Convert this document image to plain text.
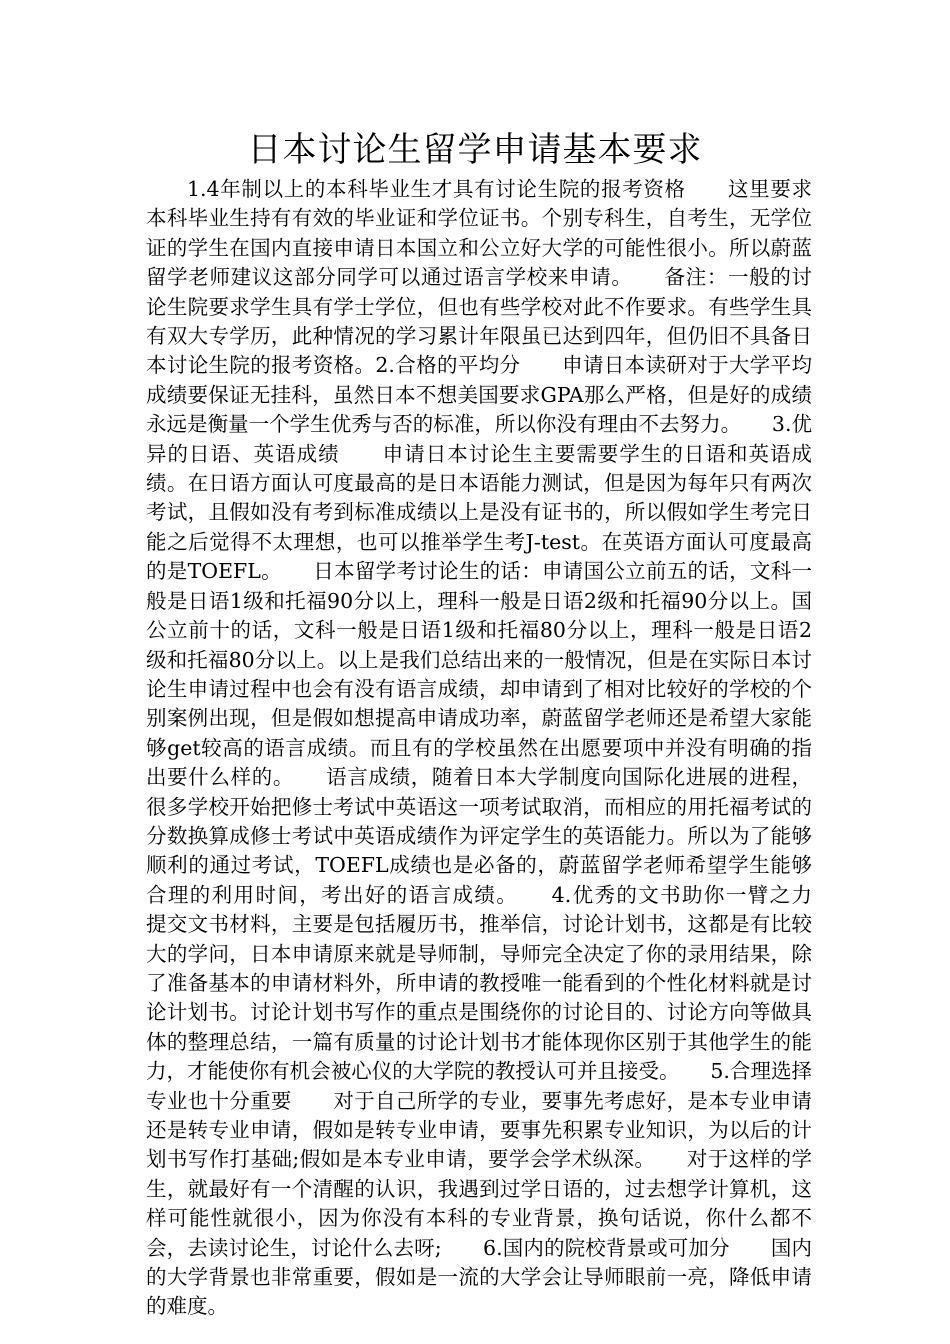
日本讨论生留学申请基本要求

1.4年制以上的本科毕业生才具有讨论生院的报考资格　　这里要求本科毕业生持有有效的毕业证和学位证书。个别专科生，自考生，无学位证的学生在国内直接申请日本国立和公立好大学的可能性很小。所以蔚蓝留学老师建议这部分同学可以通过语言学校来申请。　　备注：一般的讨论生院要求学生具有学士学位，但也有些学校对此不作要求。有些学生具有双大专学历，此种情况的学习累计年限虽已达到四年，但仍旧不具备日本讨论生院的报考资格。2.合格的平均分　　申请日本读研对于大学平均成绩要保证无挂科，虽然日本不想美国要求GPA那么严格，但是好的成绩永远是衡量一个学生优秀与否的标准，所以你没有理由不去努力。　　3.优异的日语、英语成绩　　申请日本讨论生主要需要学生的日语和英语成绩。在日语方面认可度最高的是日本语能力测试，但是因为每年只有两次考试，且假如没有考到标准成绩以上是没有证书的，所以假如学生考完日能之后觉得不太理想，也可以推举学生考J-test。在英语方面认可度最高的是TOEFL。　　日本留学考讨论生的话：申请国公立前五的话，文科一般是日语1级和托福90分以上，理科一般是日语2级和托福90分以上。国公立前十的话，文科一般是日语1级和托福80分以上，理科一般是日语2级和托福80分以上。以上是我们总结出来的一般情况，但是在实际日本讨论生申请过程中也会有没有语言成绩，却申请到了相对比较好的学校的个别案例出现，但是假如想提高申请成功率，蔚蓝留学老师还是希望大家能够get较高的语言成绩。而且有的学校虽然在出愿要项中并没有明确的指出要什么样的。　　语言成绩，随着日本大学制度向国际化进展的进程，很多学校开始把修士考试中英语这一项考试取消，而相应的用托福考试的分数换算成修士考试中英语成绩作为评定学生的英语能力。所以为了能够顺利的通过考试，TOEFL成绩也是必备的，蔚蓝留学老师希望学生能够合理的利用时间，考出好的语言成绩。　　4.优秀的文书助你一臂之力　　提交文书材料，主要是包括履历书，推举信，讨论计划书，这都是有比较大的学问，日本申请原来就是导师制，导师完全决定了你的录用结果，除了准备基本的申请材料外，所申请的教授唯一能看到的个性化材料就是讨论计划书。讨论计划书写作的重点是围绕你的讨论目的、讨论方向等做具体的整理总结，一篇有质量的讨论计划书才能体现你区别于其他学生的能力，才能使你有机会被心仪的大学院的教授认可并且接受。　　5.合理选择专业也十分重要　　对于自己所学的专业，要事先考虑好，是本专业申请还是转专业申请，假如是转专业申请，要事先积累专业知识，为以后的计划书写作打基础;假如是本专业申请，要学会学术纵深。　　对于这样的学生，就最好有一个清醒的认识，我遇到过学日语的，过去想学计算机，这样可能性就很小，因为你没有本科的专业背景，换句话说，你什么都不会，去读讨论生，讨论什么去呀;　　6.国内的院校背景或可加分　　国内的大学背景也非常重要，假如是一流的大学会让导师眼前一亮，降低申请的难度。
